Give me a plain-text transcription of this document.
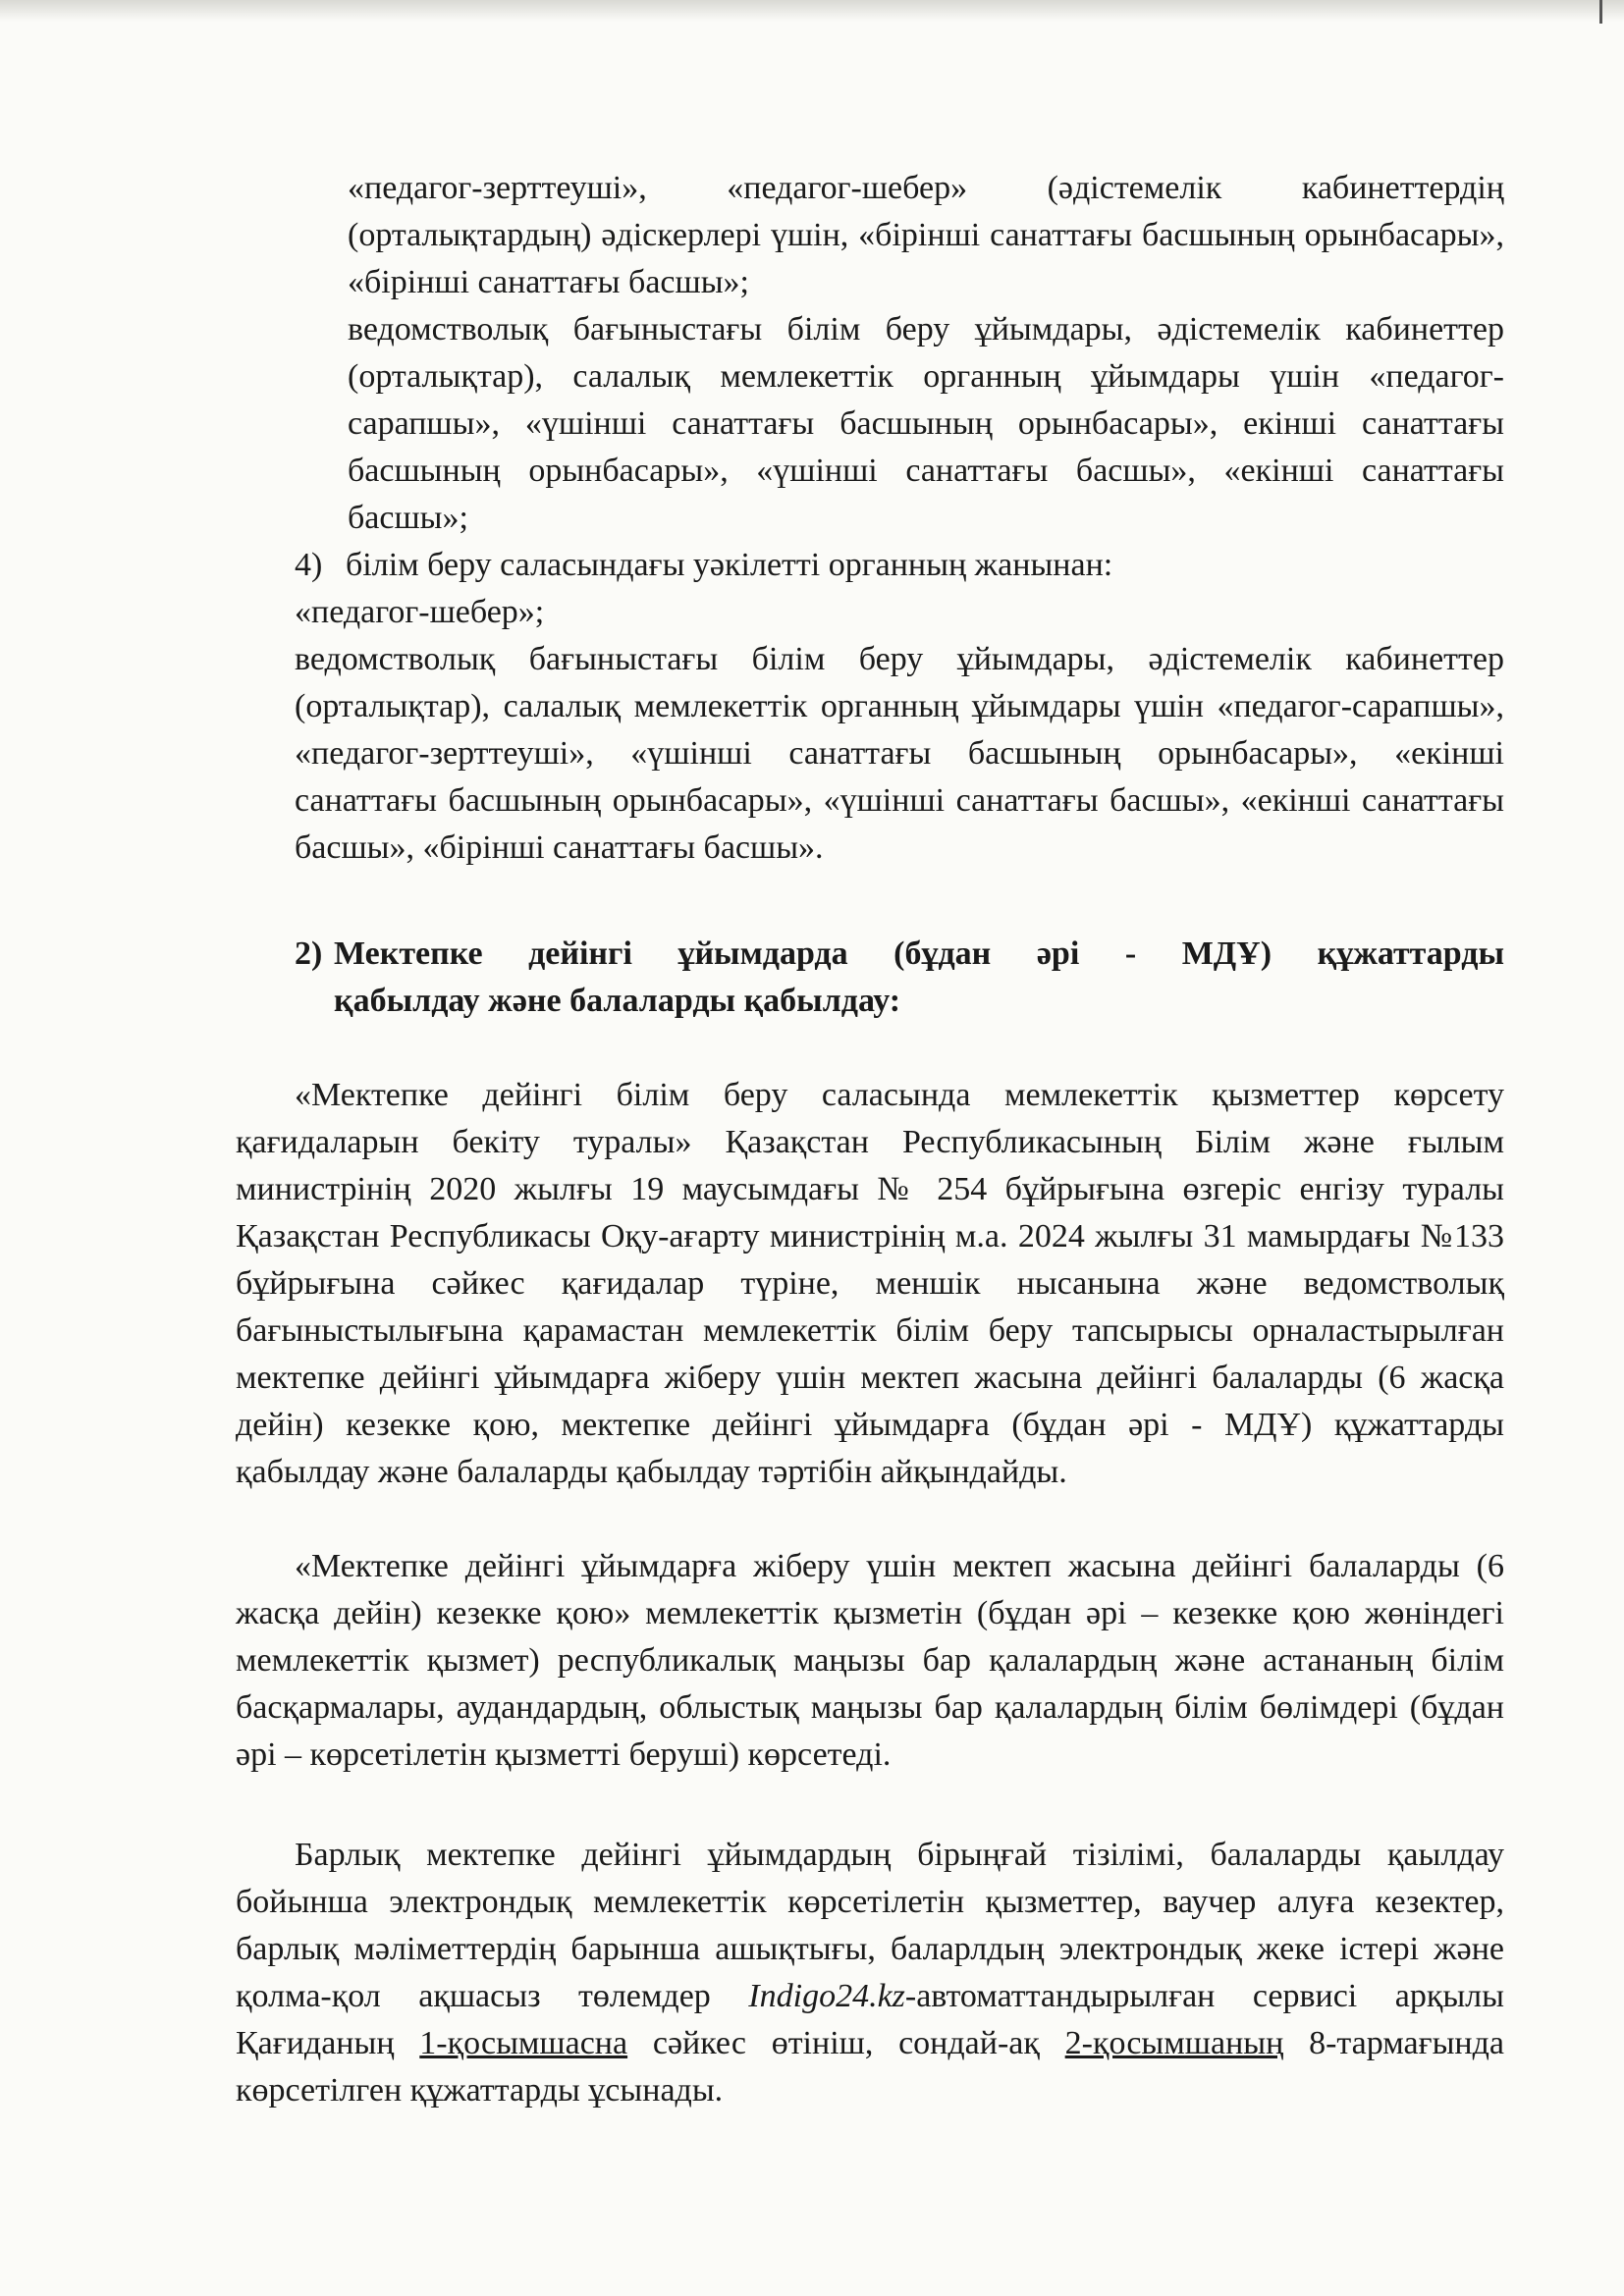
«педагог-зерттеуші», «педагог-шебер» (әдістемелік кабинеттердің (орталықтардың) әдіскерлері үшін, «бірінші санаттағы басшының орынбасары», «бірінші санаттағы басшы»;

ведомстволық бағыныстағы білім беру ұйымдары, әдістемелік кабинеттер (орталықтар), салалық мемлекеттік органның ұйымдары үшін «педагог-сарапшы», «үшінші санаттағы басшының орынбасары», екінші санаттағы басшының орынбасары», «үшінші санаттағы басшы», «екінші санаттағы басшы»;

4) білім беру саласындағы уәкілетті органның жанынан:

«педагог-шебер»;

ведомстволық бағыныстағы білім беру ұйымдары, әдістемелік кабинеттер (орталықтар), салалық мемлекеттік органның ұйымдары үшін «педагог-сарапшы», «педагог-зерттеуші», «үшінші санаттағы басшының орынбасары», «екінші санаттағы басшының орынбасары», «үшінші санаттағы басшы», «екінші санаттағы басшы», «бірінші санаттағы басшы».

2) Мектепке дейінгі ұйымдарда (бұдан әрі - МДҰ) құжаттарды
қабылдау және балаларды қабылдау:

«Мектепке дейінгі білім беру саласында мемлекеттік қызметтер көрсету қағидаларын бекіту туралы» Қазақстан Республикасының Білім және ғылым министрінің 2020 жылғы 19 маусымдағы № 254 бұйрығына өзгеріс енгізу туралы Қазақстан Республикасы Оқу-ағарту министрінің м.а. 2024 жылғы 31 мамырдағы №133 бұйрығына сәйкес қағидалар түріне, меншік нысанына және ведомстволық бағыныстылығына қарамастан мемлекеттік білім беру тапсырысы орналастырылған мектепке дейінгі ұйымдарға жіберу үшін мектеп жасына дейінгі балаларды (6 жасқа дейін) кезекке қою, мектепке дейінгі ұйымдарға (бұдан әрі - МДҰ) құжаттарды қабылдау және балаларды қабылдау тәртібін айқындайды.

«Мектепке дейінгі ұйымдарға жіберу үшін мектеп жасына дейінгі балаларды (6 жасқа дейін) кезекке қою» мемлекеттік қызметін (бұдан әрі – кезекке қою жөніндегі мемлекеттік қызмет) республикалық маңызы бар қалалардың және астананың білім басқармалары, аудандардың, облыстық маңызы бар қалалардың білім бөлімдері (бұдан әрі – көрсетілетін қызметті беруші) көрсетеді.

Барлық мектепке дейінгі ұйымдардың бірыңғай тізілімі, балаларды қаылдау бойынша электрондық мемлекеттік көрсетілетін қызметтер, ваучер алуға кезектер, барлық мәліметтердің барынша ашықтығы, баларлдың электрондық жеке істері және қолма-қол ақшасыз төлемдер Indigo24.kz-автоматтандырылған сервисі арқылы Қағиданың 1-қосымшасна сәйкес өтініш, сондай-ақ 2-қосымшаның 8-тармағында көрсетілген құжаттарды ұсынады.
